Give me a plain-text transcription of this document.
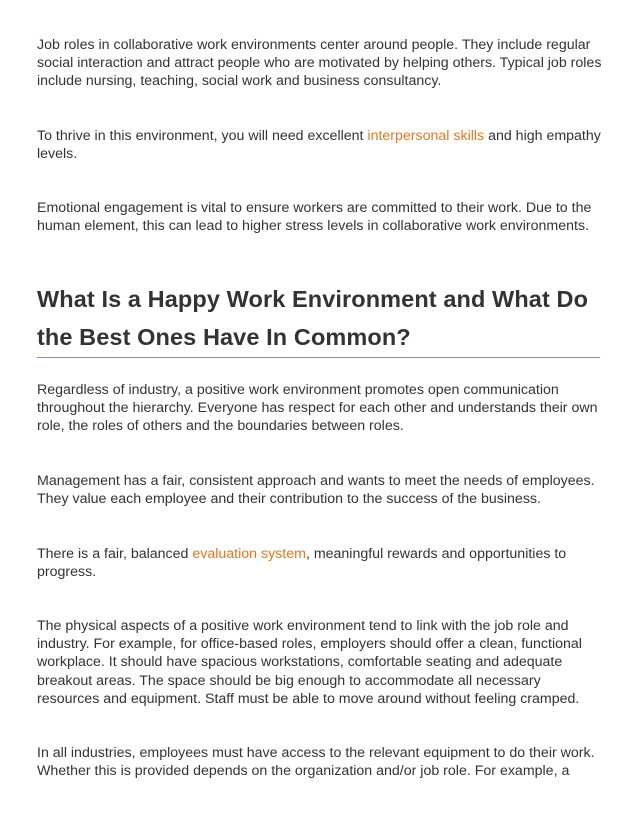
Job roles in collaborative work environments center around people. They include regular social interaction and attract people who are motivated by helping others. Typical job roles include nursing, teaching, social work and business consultancy.

To thrive in this environment, you will need excellent interpersonal skills and high empathy levels.

Emotional engagement is vital to ensure workers are committed to their work. Due to the human element, this can lead to higher stress levels in collaborative work environments.

What Is a Happy Work Environment and What Do the Best Ones Have In Common?

Regardless of industry, a positive work environment promotes open communication throughout the hierarchy. Everyone has respect for each other and understands their own role, the roles of others and the boundaries between roles.

Management has a fair, consistent approach and wants to meet the needs of employees. They value each employee and their contribution to the success of the business.

There is a fair, balanced evaluation system, meaningful rewards and opportunities to progress.

The physical aspects of a positive work environment tend to link with the job role and industry. For example, for office-based roles, employers should offer a clean, functional workplace. It should have spacious workstations, comfortable seating and adequate breakout areas. The space should be big enough to accommodate all necessary resources and equipment. Staff must be able to move around without feeling cramped.

In all industries, employees must have access to the relevant equipment to do their work. Whether this is provided depends on the organization and/or job role. For example, a
